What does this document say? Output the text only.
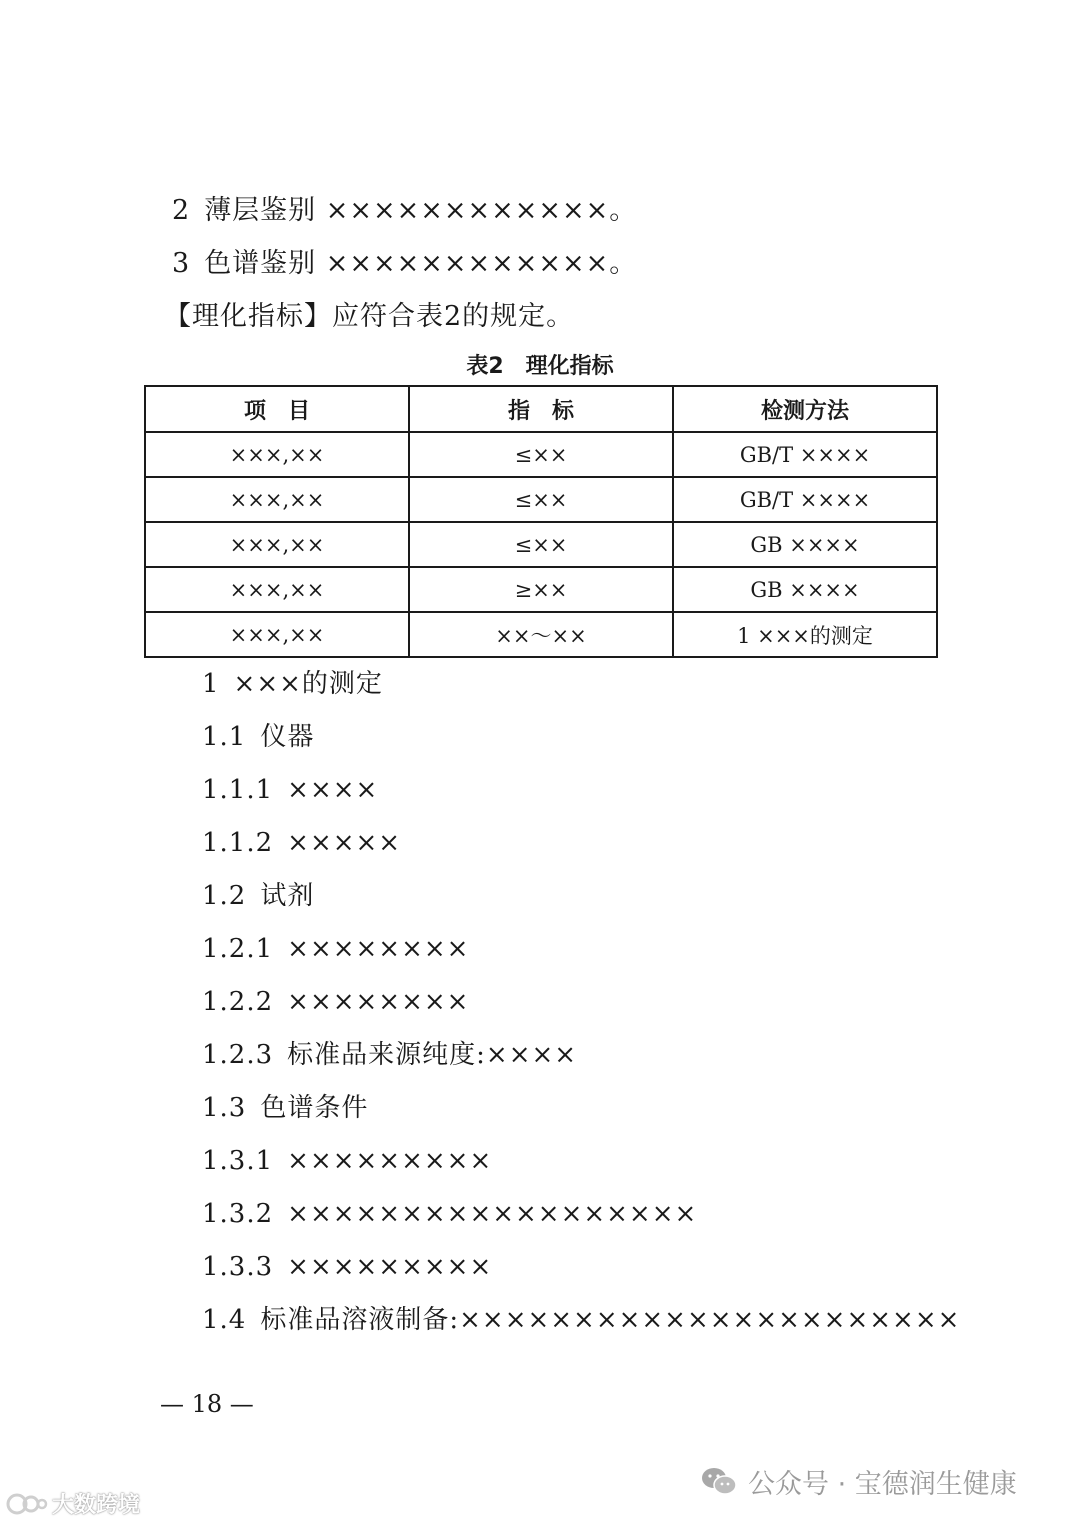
2 薄层鉴别 ××××××××××××。
3 色谱鉴别 ××××××××××××。
【理化指标】应符合表2的规定。
表2　理化指标
项　目	指　标	检测方法
×××,××	≤××	GB/T ××××
×××,××	≤××	GB/T ××××
×××,××	≤××	GB ××××
×××,××	≥××	GB ××××
×××,××	××～××	1 ×××的测定
1 ×××的测定
1.1 仪器
1.1.1 ××××
1.1.2 ×××××
1.2 试剂
1.2.1 ××××××××
1.2.2 ××××××××
1.2.3 标准品来源纯度:××××
1.3 色谱条件
1.3.1 ×××××××××
1.3.2 ××××××××××××××××××
1.3.3 ×××××××××
1.4 标准品溶液制备:××××××××××××××××××××××
— 18 —
公众号 · 宝德润生健康
大数跨境
